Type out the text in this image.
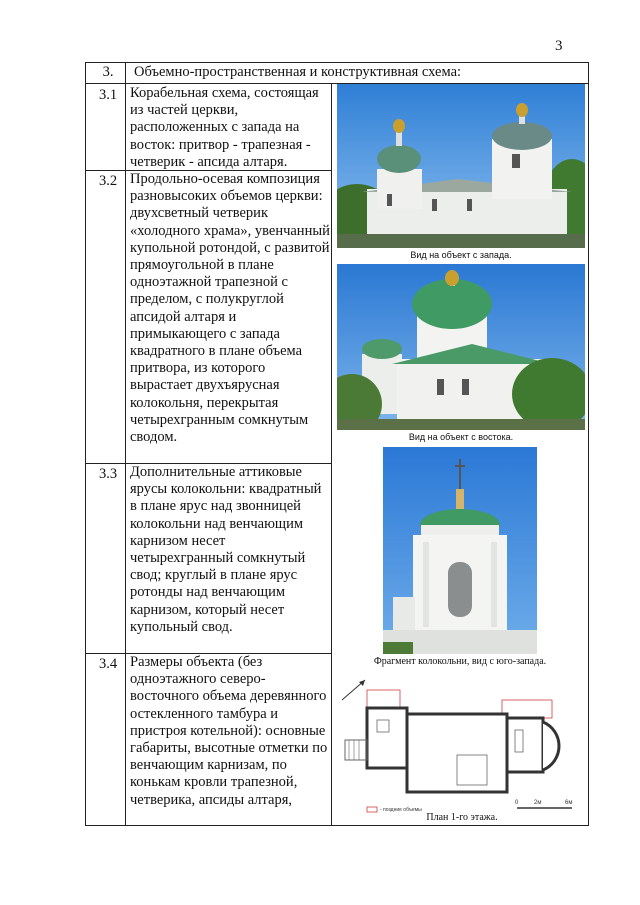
3
3.	Объемно-пространственная и конструктивная схема:
3.1 Корабельная схема, состоящая из частей церкви, расположенных с запада на восток: притвор - трапезная - четверик - апсида алтаря.
3.2 Продольно-осевая композиция разновысоких объемов церкви: двухсветный четверик «холодного храма», увенчанный купольной ротондой, с развитой прямоугольной в плане одноэтажной трапезной с пределом, с полукруглой апсидой алтаря и примыкающего с запада квадратного в плане объема притвора, из которого вырастает двухъярусная колокольня, перекрытая четырехгранным сомкнутым сводом.
3.3 Дополнительные аттиковые ярусы колокольни: квадратный в плане ярус над звонницей колокольни над венчающим карнизом несет четырехгранный сомкнутый свод; круглый в плане ярус ротонды над венчающим карнизом, который несет купольный свод.
3.4 Размеры объекта (без одноэтажного северо-восточного объема деревянного остекленного тамбура и пристроя котельной): основные габариты, высотные отметки по венчающим карнизам, по конькам кровли трапезной, четверика, апсиды алтаря,
Вид на объект с запада.
Вид на объект с востока.
Фрагмент колокольни, вид с юго-запада.
- поздние объемы
0	2м	6м
План 1-го этажа.
